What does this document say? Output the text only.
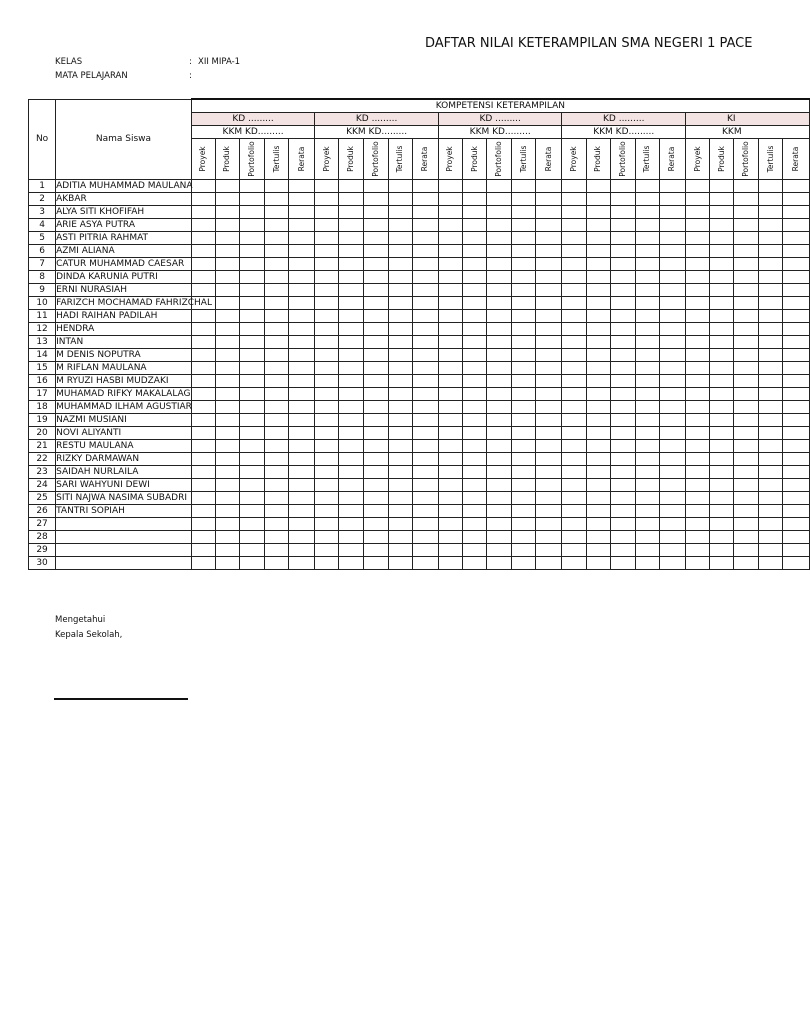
DAFTAR NILAI KETERAMPILAN SMA NEGERI 1 PACE
KELAS	: XII MIPA-1
MATA PELAJARAN	:
No	Nama Siswa	KOMPETENSI KETERAMPILAN																								
		KD .........					KD .........					KD .........					KD .........					KI				
		KKM KD.........					KKM KD.........					KKM KD.........					KKM KD.........					KKM				

		Proyek	Produk	Portofolio	Tertulis	Rerata	Proyek	Produk	Portofolio	Tertulis	Rerata	Proyek	Produk	Portofolio	Tertulis	Rerata	Proyek	Produk	Portofolio	Tertulis	Rerata	Proyek	Produk	Portofolio	Tertulis	Rerata

1	ADITIA MUHAMMAD MAULANA																									
2	AKBAR																									
3	ALYA SITI KHOFIFAH																									
4	ARIE ASYA PUTRA																									
5	ASTI PITRIA RAHMAT																									
6	AZMI ALIANA																									
7	CATUR MUHAMMAD CAESAR																									
8	DINDA KARUNIA PUTRI																									
9	ERNI NURASIAH																									
10	FARIZCH MOCHAMAD FAHRIZCHAL																									
11	HADI RAIHAN PADILAH																									
12	HENDRA																									
13	INTAN																									
14	M DENIS NOPUTRA																									
15	M RIFLAN MAULANA																									
16	M RYUZI HASBI MUDZAKI																									
17	MUHAMAD RIFKY MAKALALAG																									
18	MUHAMMAD ILHAM AGUSTIAR																									
19	NAZMI MUSIANI																									
20	NOVI ALIYANTI																									
21	RESTU MAULANA																									
22	RIZKY DARMAWAN																									
23	SAIDAH NURLAILA																									
24	SARI WAHYUNI DEWI																									
25	SITI NAJWA NASIMA SUBADRI																									
26	TANTRI SOPIAH																									
27																										
28																										
29																										
30																										
Mengetahui
Kepala Sekolah,
